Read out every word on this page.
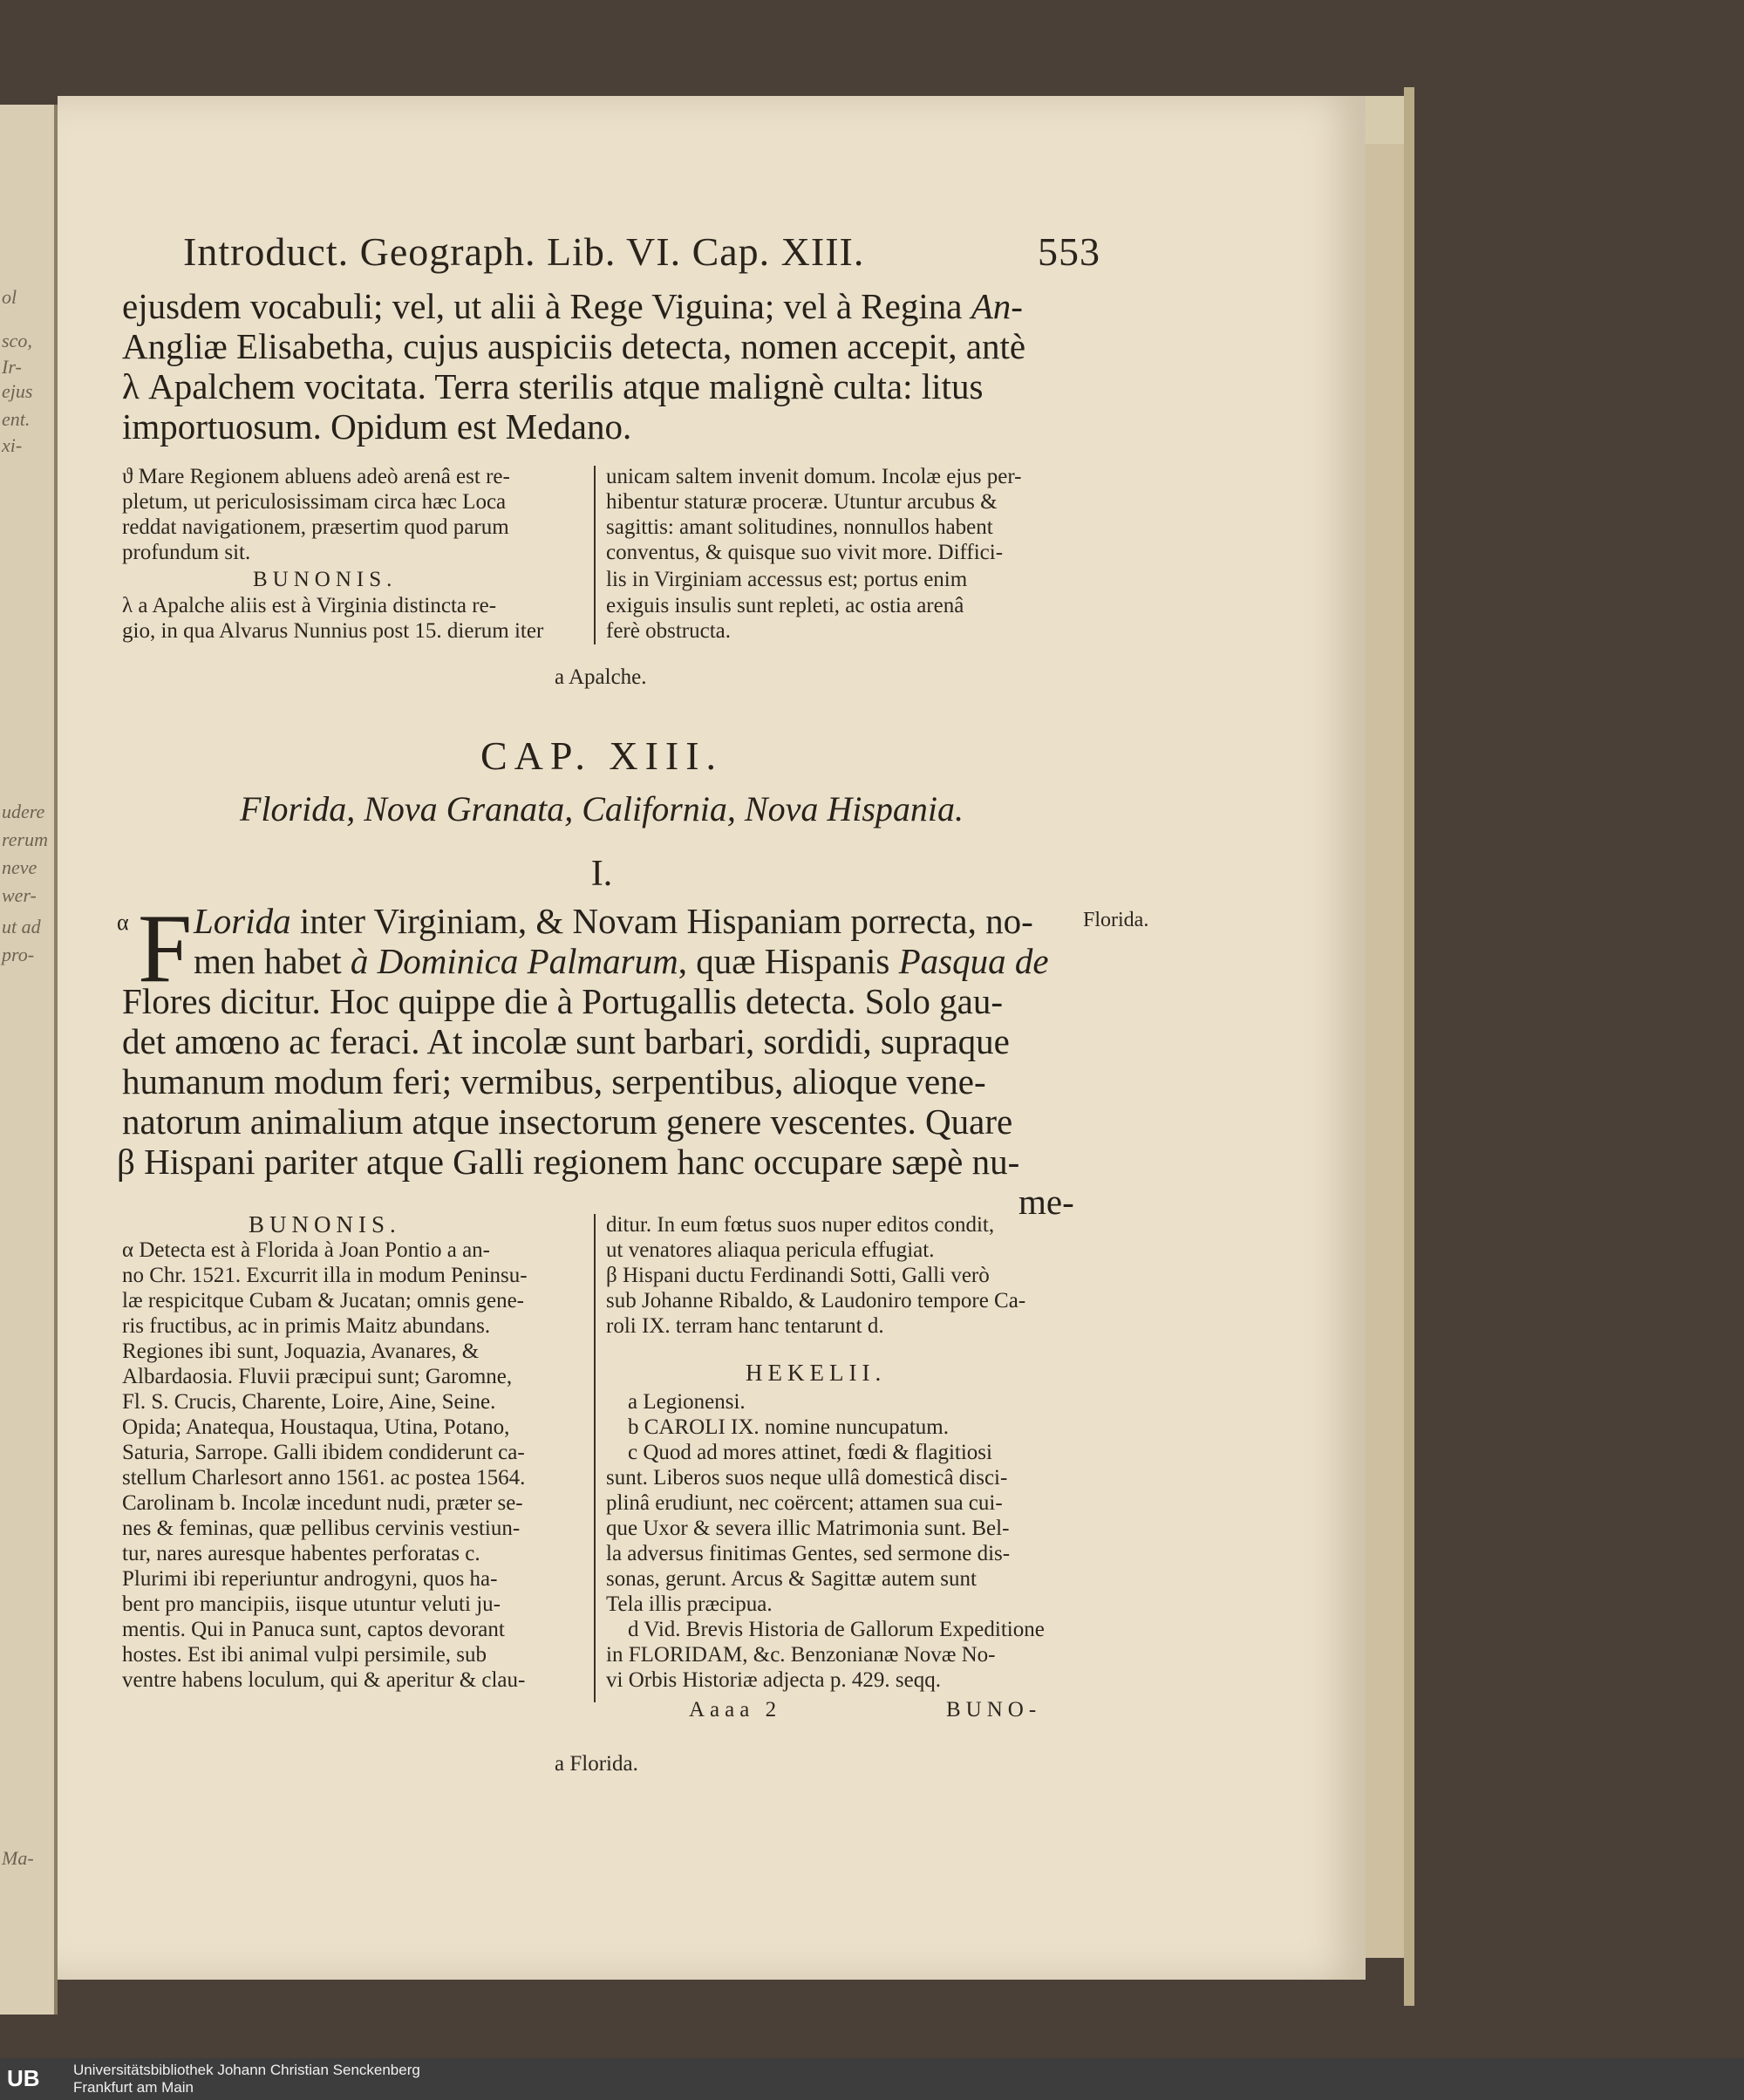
ol
sco,
Ir-
ejus
ent.
xi-
udere
rerum
neve
wer-
ut ad
pro-
Ma-
Introduct. Geograph. Lib. VI. Cap. XIII.	553
ejusdem vocabuli; vel, ut alii à Rege Viguina; vel à Regina An-
Angliæ Elisabetha, cujus auspiciis detecta, nomen accepit, antè
λ Apalchem vocitata. Terra sterilis atque malignè culta: litus
importuosum. Opidum est Medano.
ϑ Mare Regionem abluens adeò arenâ est re-
pletum, ut periculosissimam circa hæc Loca
reddat navigationem, præsertim quod parum
profundum sit.
BUNONIS.
λ a Apalche aliis est à Virginia distincta re-
gio, in qua Alvarus Nunnius post 15. dierum iter
unicam saltem invenit domum. Incolæ ejus per-
hibentur staturæ proceræ. Utuntur arcubus &
sagittis: amant solitudines, nonnullos habent
conventus, & quisque suo vivit more. Diffici-
lis in Virginiam accessus est; portus enim
exiguis insulis sunt repleti, ac ostia arenâ
ferè obstructa.
a Apalche.
CAP. XIII.
Florida, Nova Granata, California, Nova Hispania.
I.
Florida.
F
α Lorida inter Virginiam, & Novam Hispaniam porrecta, no-
men habet à Dominica Palmarum, quæ Hispanis Pasqua de
Flores dicitur. Hoc quippe die à Portugallis detecta. Solo gau-
det amœno ac feraci. At incolæ sunt barbari, sordidi, supraque
humanum modum feri; vermibus, serpentibus, alioque vene-
natorum animalium atque insectorum genere vescentes. Quare
β Hispani pariter atque Galli regionem hanc occupare sæpè nu-
me-
BUNONIS.
α Detecta est à Florida à Joan Pontio a an-
no Chr. 1521. Excurrit illa in modum Peninsu-
læ respicitque Cubam & Jucatan; omnis gene-
ris fructibus, ac in primis Maitz abundans.
Regiones ibi sunt, Joquazia, Avanares, &
Albardaosia. Fluvii præcipui sunt; Garomne,
Fl. S. Crucis, Charente, Loire, Aine, Seine.
Opida; Anatequa, Houstaqua, Utina, Potano,
Saturia, Sarrope. Galli ibidem condiderunt ca-
stellum Charlesort anno 1561. ac postea 1564.
Carolinam b. Incolæ incedunt nudi, præter se-
nes & feminas, quæ pellibus cervinis vestiun-
tur, nares auresque habentes perforatas c.
Plurimi ibi reperiuntur androgyni, quos ha-
bent pro mancipiis, iisque utuntur veluti ju-
mentis. Qui in Panuca sunt, captos devorant
hostes. Est ibi animal vulpi persimile, sub
ventre habens loculum, qui & aperitur & clau-
ditur. In eum fœtus suos nuper editos condit,
ut venatores aliaqua pericula effugiat.
β Hispani ductu Ferdinandi Sotti, Galli verò
sub Johanne Ribaldo, & Laudoniro tempore Ca-
roli IX. terram hanc tentarunt d.
HEKELII.
a Legionensi.
b CAROLI IX. nomine nuncupatum.
c Quod ad mores attinet, fœdi & flagitiosi
sunt. Liberos suos neque ullâ domesticâ disci-
plinâ erudiunt, nec coërcent; attamen sua cui-
que Uxor & severa illic Matrimonia sunt. Bel-
la adversus finitimas Gentes, sed sermone dis-
sonas, gerunt. Arcus & Sagittæ autem sunt
Tela illis præcipua.
d Vid. Brevis Historia de Gallorum Expeditione
in FLORIDAM, &c. Benzonianæ Novæ No-
vi Orbis Historiæ adjecta p. 429. seqq.
Aaaa 2	BUNO-
a Florida.
UB	Universitätsbibliothek Johann Christian Senckenberg
Frankfurt am Main
